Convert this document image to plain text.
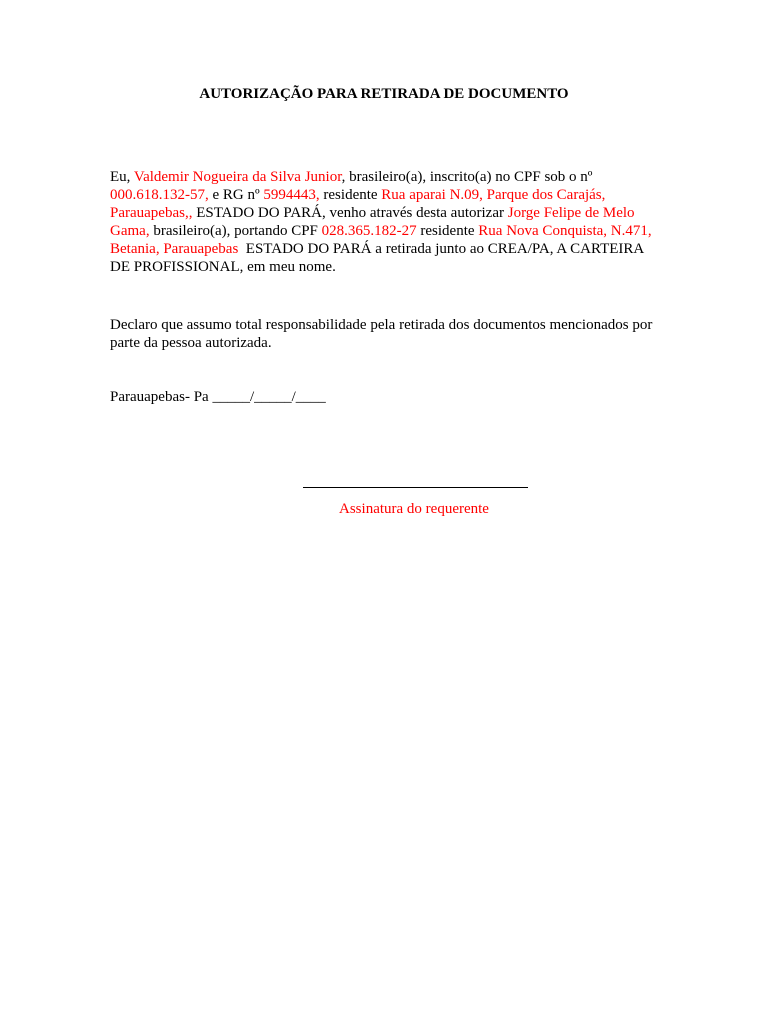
AUTORIZAÇÃO PARA RETIRADA DE DOCUMENTO
Eu, Valdemir Nogueira da Silva Junior, brasileiro(a), inscrito(a) no CPF sob o nº 000.618.132-57, e RG nº 5994443, residente Rua aparai N.09, Parque dos Carajás, Parauapebas,, ESTADO DO PARÁ, venho através desta autorizar Jorge Felipe de Melo Gama, brasileiro(a), portando CPF 028.365.182-27 residente Rua Nova Conquista, N.471, Betania, Parauapebas  ESTADO DO PARÁ a retirada junto ao CREA/PA, A CARTEIRA DE PROFISSIONAL, em meu nome.
Declaro que assumo total responsabilidade pela retirada dos documentos mencionados por parte da pessoa autorizada.
Parauapebas- Pa _____/_____/____
Assinatura do requerente
